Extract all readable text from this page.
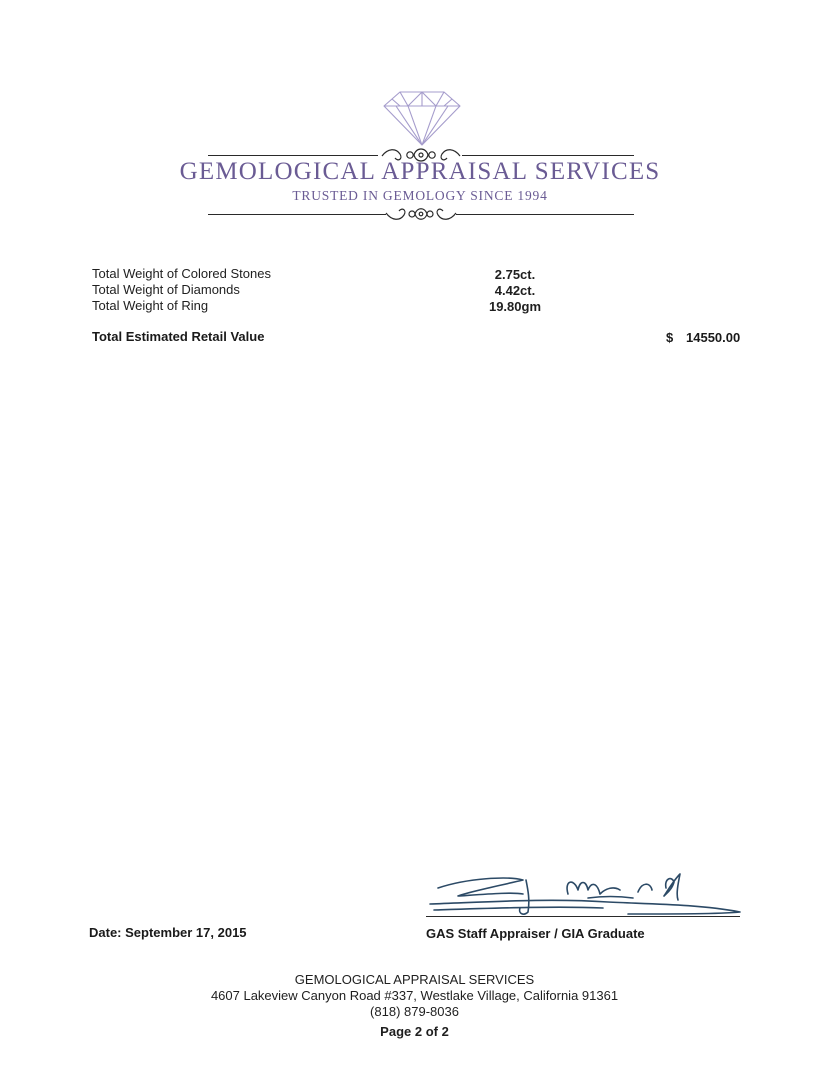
GEMOLOGICAL APPRAISAL SERVICES
TRUSTED IN GEMOLOGY SINCE 1994
Total Weight of Colored Stones	2.75ct.
Total Weight of Diamonds	4.42ct.
Total Weight of Ring	19.80gm
Total Estimated Retail Value	$ 14550.00
Date: September 17, 2015	GAS Staff Appraiser / GIA Graduate
GEMOLOGICAL APPRAISAL SERVICES
4607 Lakeview Canyon Road #337, Westlake Village, California 91361
(818) 879-8036
Page 2 of 2
